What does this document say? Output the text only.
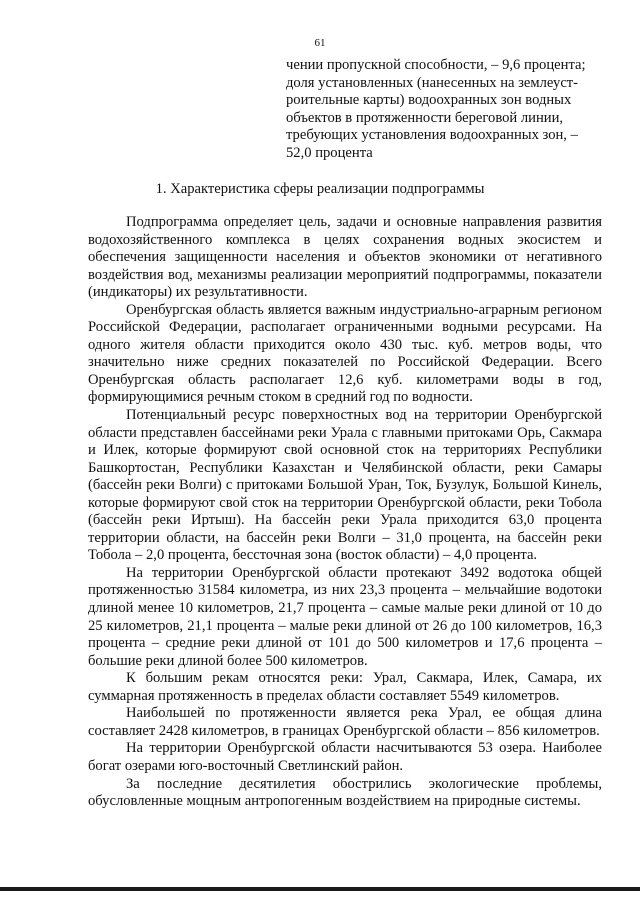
61
чении пропускной способности, – 9,6 процента;
доля установленных (нанесенных на землеуст-
роительные карты) водоохранных зон водных
объектов в протяженности береговой линии,
требующих установления водоохранных зон, –
52,0 процента
1. Характеристика сферы реализации подпрограммы

Подпрограмма определяет цель, задачи и основные направления развития водохозяйственного комплекса в целях сохранения водных экосистем и обеспечения защищенности населения и объектов экономики от негативного воздействия вод, механизмы реализации мероприятий подпрограммы, показатели (индикаторы) их результативности.

Оренбургская область является важным индустриально-аграрным регионом Российской Федерации, располагает ограниченными водными ресурсами. На одного жителя области приходится около 430 тыс. куб. метров воды, что значительно ниже средних показателей по Российской Федерации. Всего Оренбургская область располагает 12,6 куб. километрами воды в год, формирующимися речным стоком в средний год по водности.

Потенциальный ресурс поверхностных вод на территории Оренбургской области представлен бассейнами реки Урала с главными притоками Орь, Сакмара и Илек, которые формируют свой основной сток на территориях Республики Башкортостан, Республики Казахстан и Челябинской области, реки Самары (бассейн реки Волги) с притоками Большой Уран, Ток, Бузулук, Большой Кинель, которые формируют свой сток на территории Оренбургской области, реки Тобола (бассейн реки Иртыш). На бассейн реки Урала приходится 63,0 процента территории области, на бассейн реки Волги – 31,0 процента, на бассейн реки Тобола – 2,0 процента, бессточная зона (восток области) – 4,0 процента.

На территории Оренбургской области протекают 3492 водотока общей протяженностью 31584 километра, из них 23,3 процента – мельчайшие водотоки длиной менее 10 километров, 21,7 процента – самые малые реки длиной от 10 до 25 километров, 21,1 процента – малые реки длиной от 26 до 100 километров, 16,3 процента – средние реки длиной от 101 до 500 километров и 17,6 процента – большие реки длиной более 500 километров.

К большим рекам относятся реки: Урал, Сакмара, Илек, Самара, их суммарная протяженность в пределах области составляет 5549 километров.

Наибольшей по протяженности является река Урал, ее общая длина составляет 2428 километров, в границах Оренбургской области – 856 километров.

На территории Оренбургской области насчитываются 53 озера. Наиболее богат озерами юго-восточный Светлинский район.

За последние десятилетия обострились экологические проблемы, обусловленные мощным антропогенным воздействием на природные системы.
